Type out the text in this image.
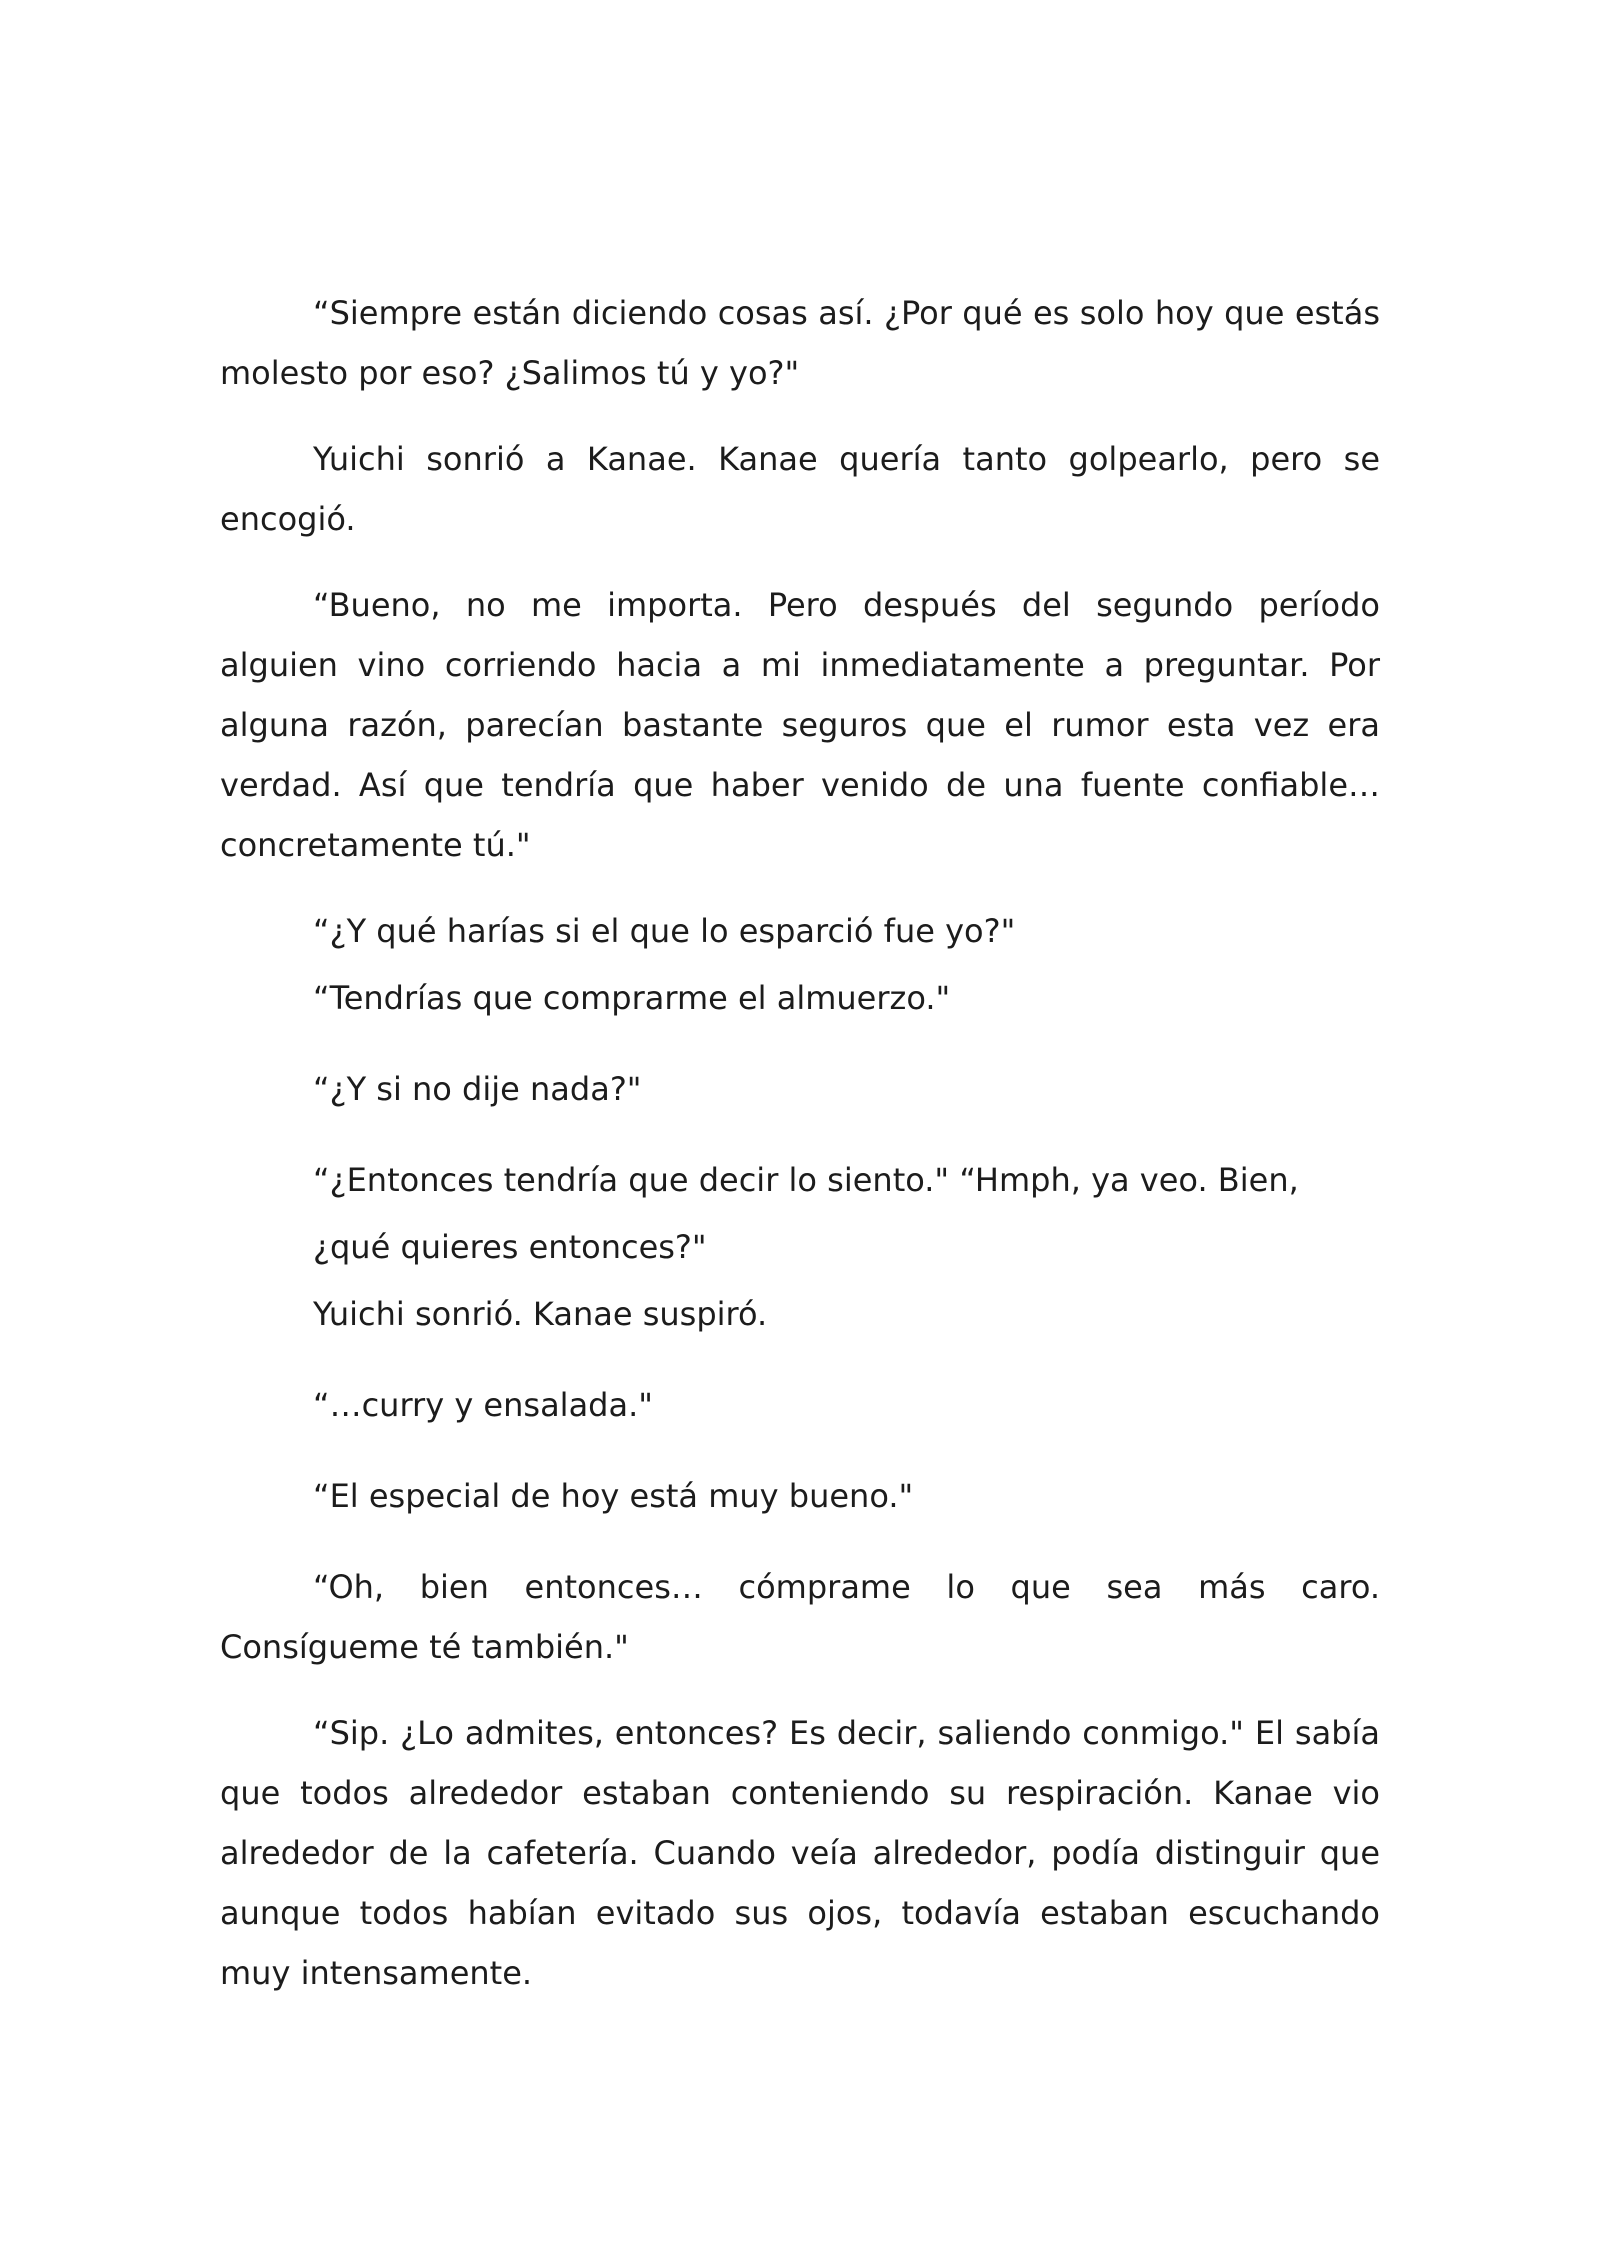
“Siempre están diciendo cosas así. ¿Por qué es solo hoy que estás molesto por eso? ¿Salimos tú y yo?"

Yuichi sonrió a Kanae. Kanae quería tanto golpearlo, pero se encogió.

“Bueno, no me importa. Pero después del segundo período alguien vino corriendo hacia a mi inmediatamente a preguntar. Por alguna razón, parecían bastante seguros que el rumor esta vez era verdad. Así que tendría que haber venido de una fuente confiable…concretamente tú."

“¿Y qué harías si el que lo esparció fue yo?"

“Tendrías que comprarme el almuerzo."

“¿Y si no dije nada?"

“¿Entonces tendría que decir lo siento." “Hmph, ya veo. Bien,

¿qué quieres entonces?"

Yuichi sonrió. Kanae suspiró.

“…curry y ensalada."

“El especial de hoy está muy bueno."

“Oh, bien entonces… cómprame lo que sea más caro. Consígueme té también."

“Sip. ¿Lo admites, entonces? Es decir, saliendo conmigo." El sabía que todos alrededor estaban conteniendo su respiración. Kanae vio alrededor de la cafetería. Cuando veía alrededor, podía distinguir que aunque todos habían evitado sus ojos, todavía estaban escuchando muy intensamente.
